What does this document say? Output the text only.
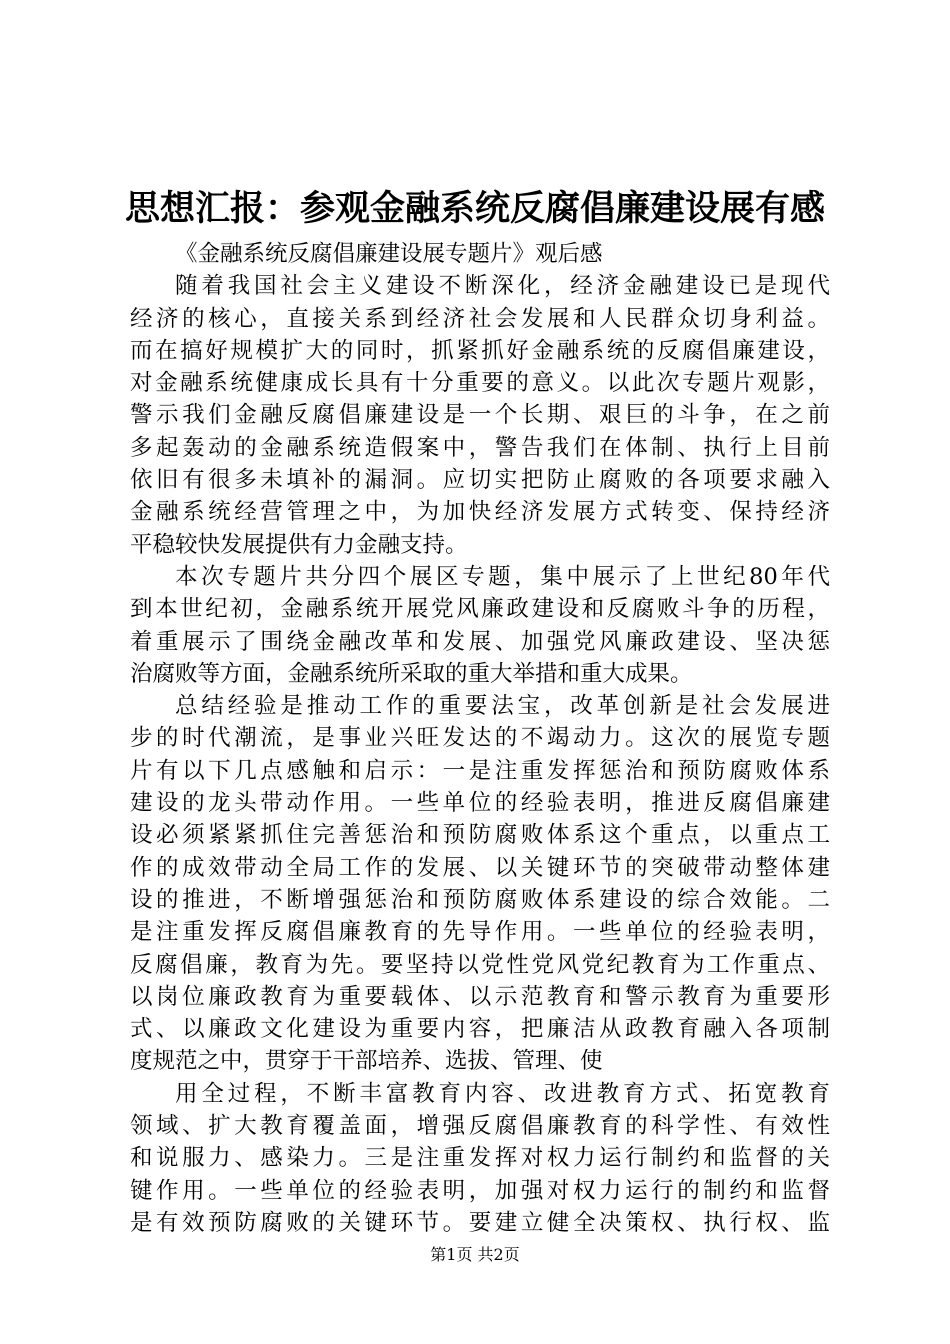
思想汇报：参观金融系统反腐倡廉建设展有感
《金融系统反腐倡廉建设展专题片》观后感
随着我国社会主义建设不断深化，经济金融建设已是现代
经济的核心，直接关系到经济社会发展和人民群众切身利益。
而在搞好规模扩大的同时，抓紧抓好金融系统的反腐倡廉建设，
对金融系统健康成长具有十分重要的意义。以此次专题片观影，
警示我们金融反腐倡廉建设是一个长期、艰巨的斗争，在之前
多起轰动的金融系统造假案中，警告我们在体制、执行上目前
依旧有很多未填补的漏洞。应切实把防止腐败的各项要求融入
金融系统经营管理之中，为加快经济发展方式转变、保持经济
平稳较快发展提供有力金融支持。
本次专题片共分四个展区专题，集中展示了上世纪80年代
到本世纪初，金融系统开展党风廉政建设和反腐败斗争的历程，
着重展示了围绕金融改革和发展、加强党风廉政建设、坚决惩
治腐败等方面，金融系统所采取的重大举措和重大成果。
总结经验是推动工作的重要法宝，改革创新是社会发展进
步的时代潮流，是事业兴旺发达的不竭动力。这次的展览专题
片有以下几点感触和启示：一是注重发挥惩治和预防腐败体系
建设的龙头带动作用。一些单位的经验表明，推进反腐倡廉建
设必须紧紧抓住完善惩治和预防腐败体系这个重点，以重点工
作的成效带动全局工作的发展、以关键环节的突破带动整体建
设的推进，不断增强惩治和预防腐败体系建设的综合效能。二
是注重发挥反腐倡廉教育的先导作用。一些单位的经验表明，
反腐倡廉，教育为先。要坚持以党性党风党纪教育为工作重点、
以岗位廉政教育为重要载体、以示范教育和警示教育为重要形
式、以廉政文化建设为重要内容，把廉洁从政教育融入各项制
度规范之中，贯穿于干部培养、选拔、管理、使
用全过程，不断丰富教育内容、改进教育方式、拓宽教育
领域、扩大教育覆盖面，增强反腐倡廉教育的科学性、有效性
和说服力、感染力。三是注重发挥对权力运行制约和监督的关
键作用。一些单位的经验表明，加强对权力运行的制约和监督
是有效预防腐败的关键环节。要建立健全决策权、执行权、监
第1页 共2页
